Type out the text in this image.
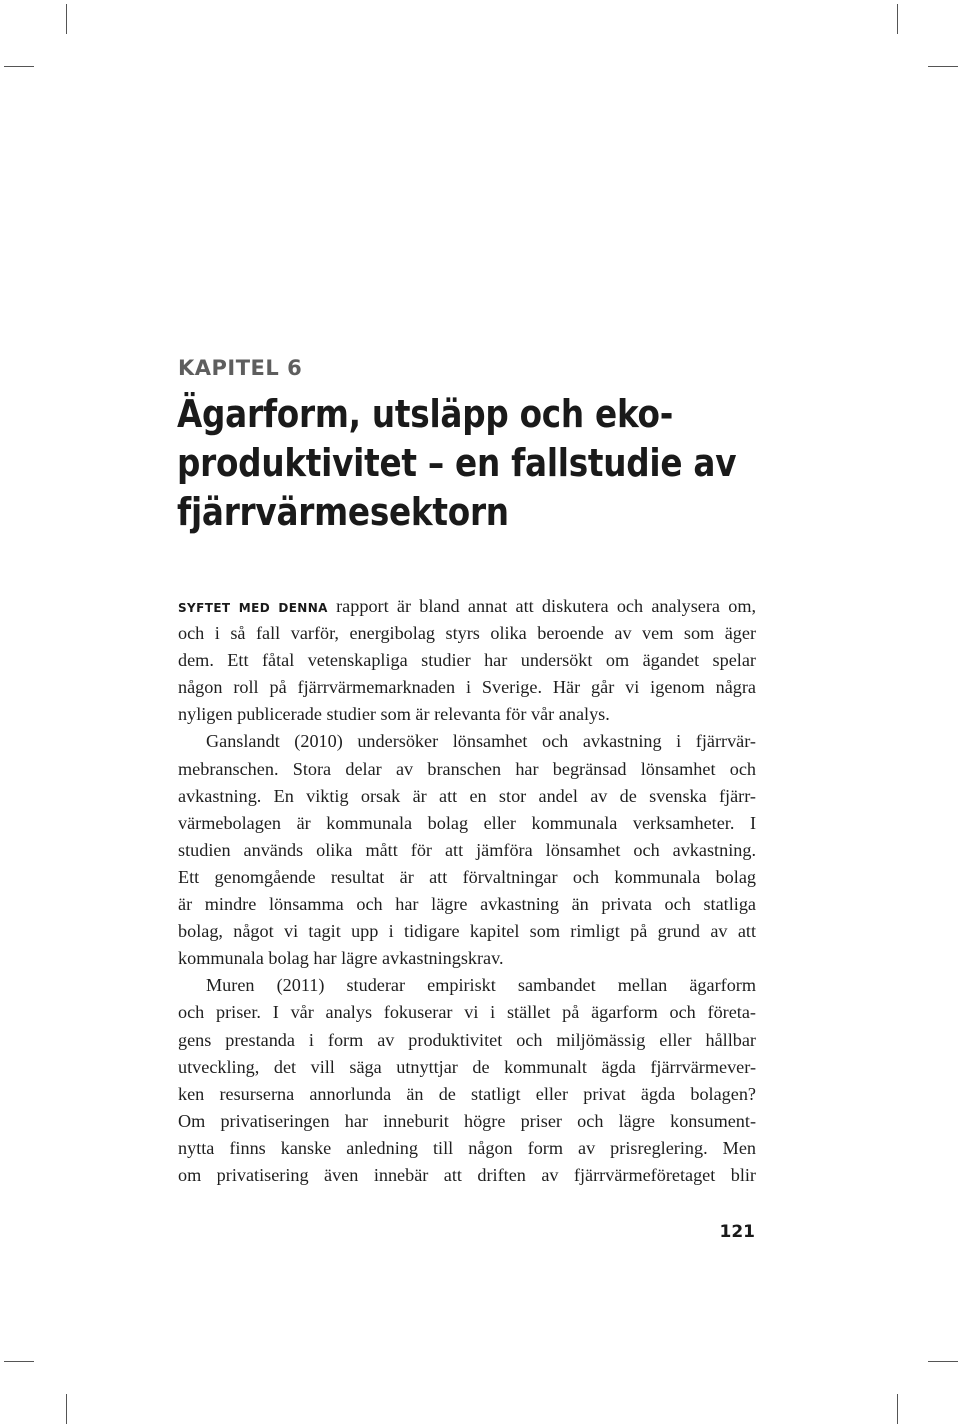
KAPITEL 6
Ägarform, utsläpp och eko-
produktivitet – en fallstudie av
fjärrvärmesektorn
SYFTET MED DENNA rapport är bland annat att diskutera och analysera om,
och i så fall varför, energibolag styrs olika beroende av vem som äger
dem. Ett fåtal vetenskapliga studier har undersökt om ägandet spelar
någon roll på fjärrvärmemarknaden i Sverige. Här går vi igenom några
nyligen publicerade studier som är relevanta för vår analys.
Ganslandt (2010) undersöker lönsamhet och avkastning i fjärrvär-
mebranschen. Stora delar av branschen har begränsad lönsamhet och
avkastning. En viktig orsak är att en stor andel av de svenska fjärr-
värmebolagen är kommunala bolag eller kommunala verksamheter. I
studien används olika mått för att jämföra lönsamhet och avkastning.
Ett genomgående resultat är att förvaltningar och kommunala bolag
är mindre lönsamma och har lägre avkastning än privata och statliga
bolag, något vi tagit upp i tidigare kapitel som rimligt på grund av att
kommunala bolag har lägre avkastningskrav.
Muren (2011) studerar empiriskt sambandet mellan ägarform
och priser. I vår analys fokuserar vi i stället på ägarform och företa-
gens prestanda i form av produktivitet och miljömässig eller hållbar
utveckling, det vill säga utnyttjar de kommunalt ägda fjärrvärmever-
ken resurserna annorlunda än de statligt eller privat ägda bolagen?
Om privatiseringen har inneburit högre priser och lägre konsument-
nytta finns kanske anledning till någon form av prisreglering. Men
om privatisering även innebär att driften av fjärrvärmeföretaget blir
121
